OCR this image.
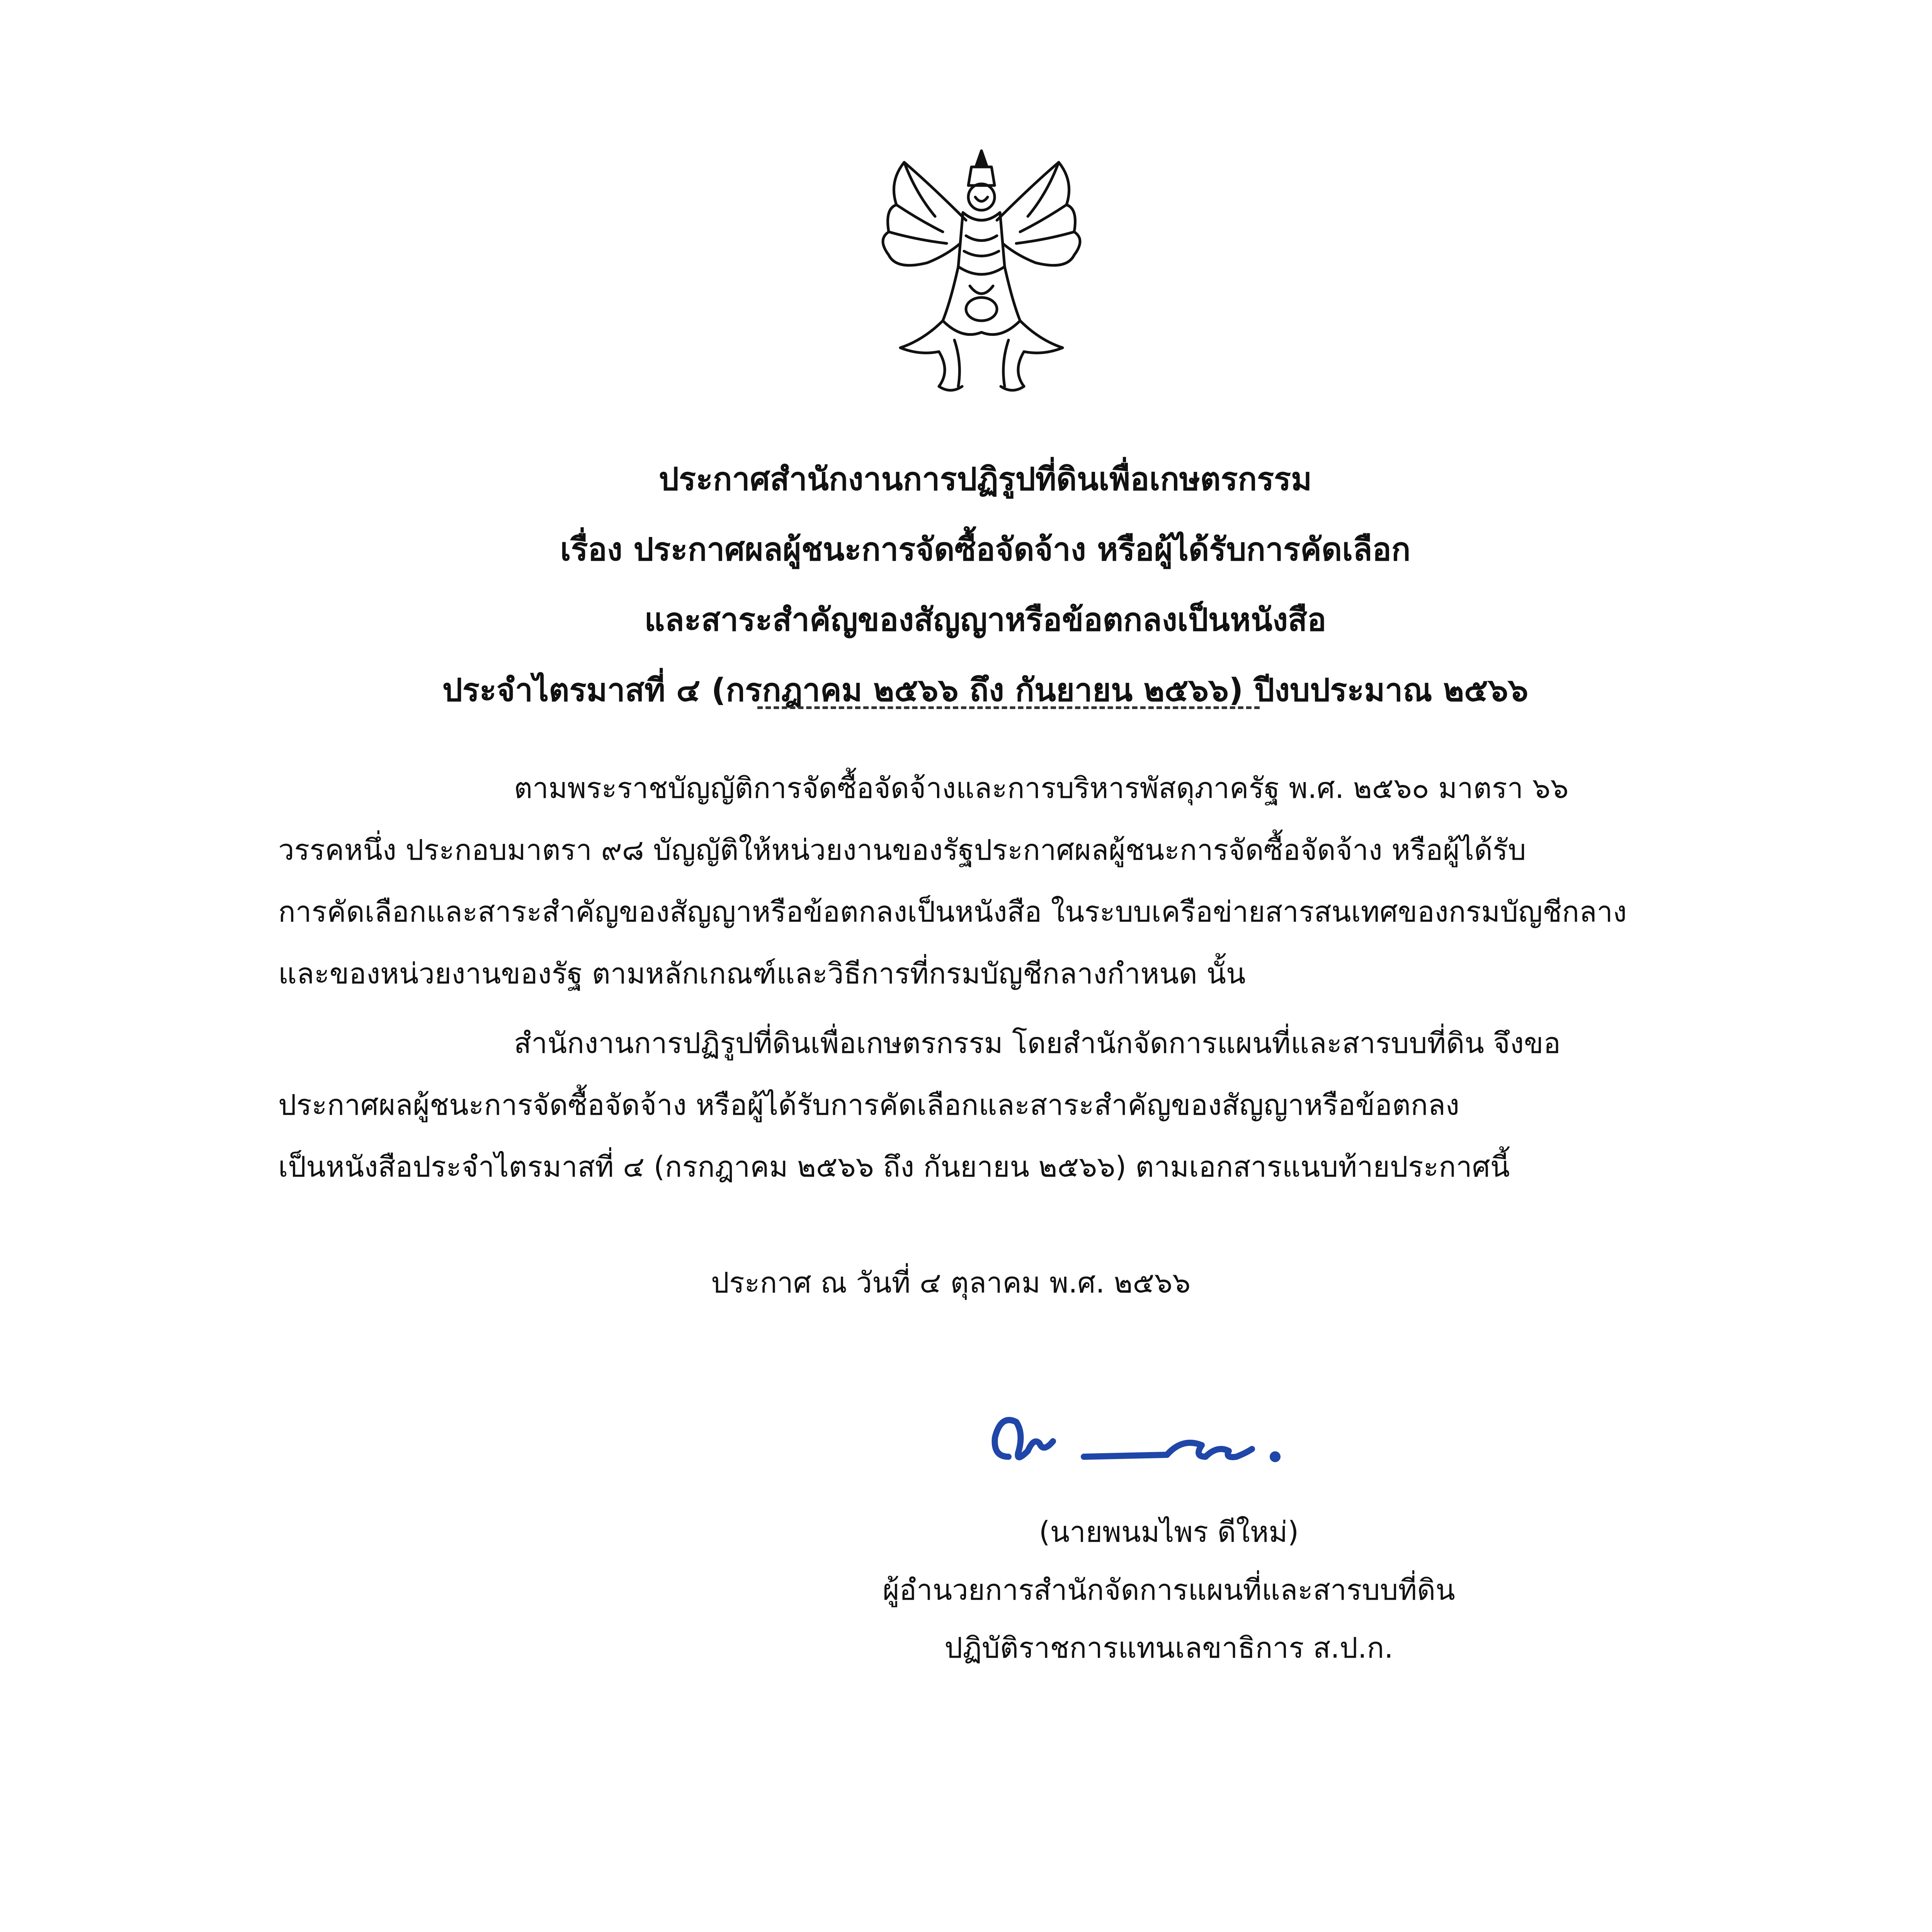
ประกาศสำนักงานการปฏิรูปที่ดินเพื่อเกษตรกรรม
เรื่อง ประกาศผลผู้ชนะการจัดซื้อจัดจ้าง หรือผู้ได้รับการคัดเลือก
และสาระสำคัญของสัญญาหรือข้อตกลงเป็นหนังสือ
ประจำไตรมาสที่ ๔ (กรกฎาคม ๒๕๖๖ ถึง กันยายน ๒๕๖๖) ปีงบประมาณ ๒๕๖๖
ตามพระราชบัญญัติการจัดซื้อจัดจ้างและการบริหารพัสดุภาครัฐ พ.ศ. ๒๕๖๐ มาตรา ๖๖
วรรคหนึ่ง ประกอบมาตรา ๙๘ บัญญัติให้หน่วยงานของรัฐประกาศผลผู้ชนะการจัดซื้อจัดจ้าง หรือผู้ได้รับ
การคัดเลือกและสาระสำคัญของสัญญาหรือข้อตกลงเป็นหนังสือ ในระบบเครือข่ายสารสนเทศของกรมบัญชีกลาง
และของหน่วยงานของรัฐ ตามหลักเกณฑ์และวิธีการที่กรมบัญชีกลางกำหนด นั้น
สำนักงานการปฏิรูปที่ดินเพื่อเกษตรกรรม โดยสำนักจัดการแผนที่และสารบบที่ดิน จึงขอ
ประกาศผลผู้ชนะการจัดซื้อจัดจ้าง หรือผู้ได้รับการคัดเลือกและสาระสำคัญของสัญญาหรือข้อตกลง
เป็นหนังสือประจำไตรมาสที่ ๔ (กรกฎาคม ๒๕๖๖ ถึง กันยายน ๒๕๖๖) ตามเอกสารแนบท้ายประกาศนี้
ประกาศ ณ วันที่ ๔ ตุลาคม พ.ศ. ๒๕๖๖
(นายพนมไพร ดีใหม่)
ผู้อำนวยการสำนักจัดการแผนที่และสารบบที่ดิน
ปฏิบัติราชการแทนเลขาธิการ ส.ป.ก.
